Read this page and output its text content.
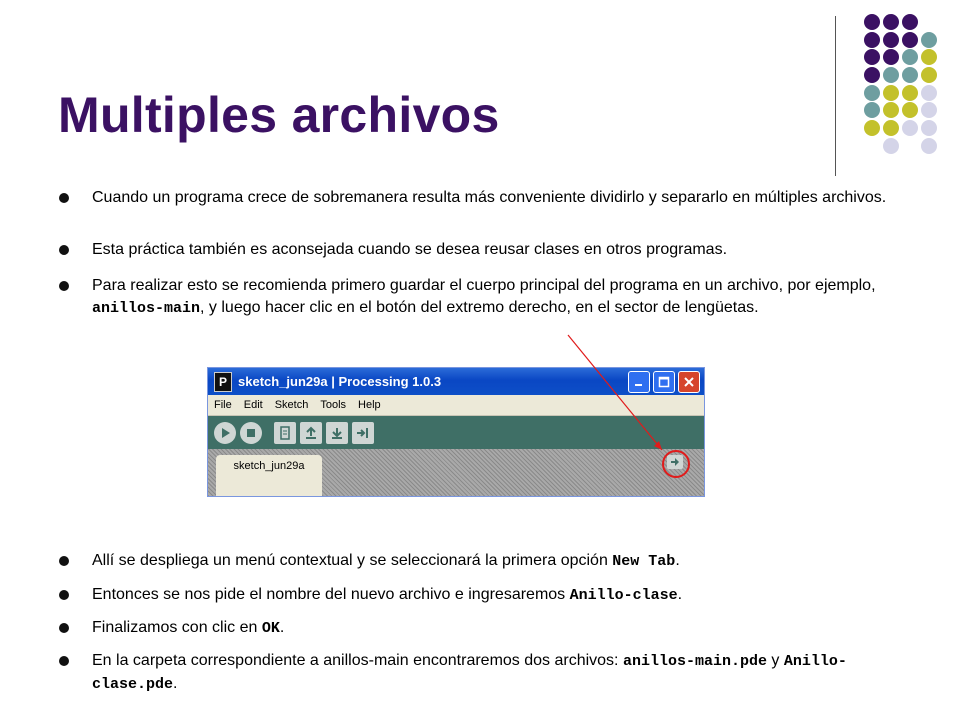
Multiples archivos
Cuando un programa crece de sobremanera resulta más conveniente dividirlo y separarlo en múltiples archivos.
Esta práctica también es aconsejada cuando se desea reusar clases en otros programas.
Para realizar esto se recomienda primero guardar el cuerpo principal del programa en un archivo, por ejemplo, anillos-main, y luego hacer clic en el botón del extremo derecho, en el sector de lengüetas.
P sketch_jun29a | Processing 1.0.3
File Edit Sketch Tools Help
sketch_jun29a
Allí se despliega un menú contextual y se seleccionará la primera opción New Tab.
Entonces se nos pide el nombre del nuevo archivo e ingresaremos Anillo-clase.
Finalizamos con clic en OK.
En la carpeta correspondiente a anillos-main encontraremos dos archivos: anillos-main.pde y Anillo-clase.pde.
